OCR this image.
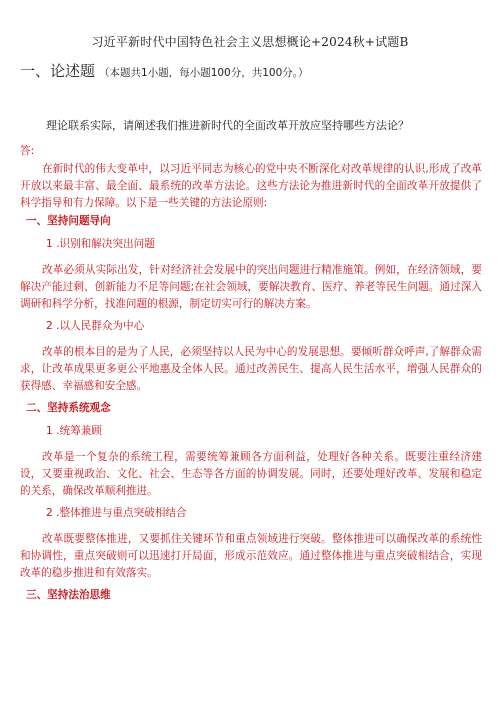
习近平新时代中国特色社会主义思想概论+2024秋+试题B
一、论述题 （本题共1小题，每小题100分，共100分。）
理论联系实际，请阐述我们推进新时代的全面改革开放应坚持哪些方法论？
答:

在新时代的伟大变革中，以习近平同志为核心的党中央不断深化对改革规律的认识,形成了改革开放以来最丰富、最全面、最系统的改革方法论。这些方法论为推进新时代的全面改革开放提供了科学指导和有力保障。以下是一些关键的方法论原则:

一、坚持问题导向
1 .识别和解决突出问题

改革必须从实际出发，针对经济社会发展中的突出问题进行精准施策。例如，在经济领域，要解决产能过剩、创新能力不足等问题;在社会领域，要解决教育、医疗、养老等民生问题。通过深入调研和科学分析，找准问题的根源，制定切实可行的解决方案。

2 .以人民群众为中心

改革的根本目的是为了人民，必须坚持以人民为中心的发展思想。要倾听群众呼声,了解群众需求，让改革成果更多更公平地惠及全体人民。通过改善民生、提高人民生活水平，增强人民群众的获得感、幸福感和安全感。

二、坚持系统观念
1 .统筹兼顾

改革是一个复杂的系统工程，需要统筹兼顾各方面利益，处理好各种关系。既要注重经济建设，又要重视政治、文化、社会、生态等各方面的协调发展。同时，还要处理好改革、发展和稳定的关系，确保改革顺利推进。

2 .整体推进与重点突破相结合

改革既要整体推进，又要抓住关键环节和重点领域进行突破。整体推进可以确保改革的系统性和协调性，重点突破则可以迅速打开局面，形成示范效应。通过整体推进与重点突破相结合，实现改革的稳步推进和有效落实。

三、坚持法治思维
